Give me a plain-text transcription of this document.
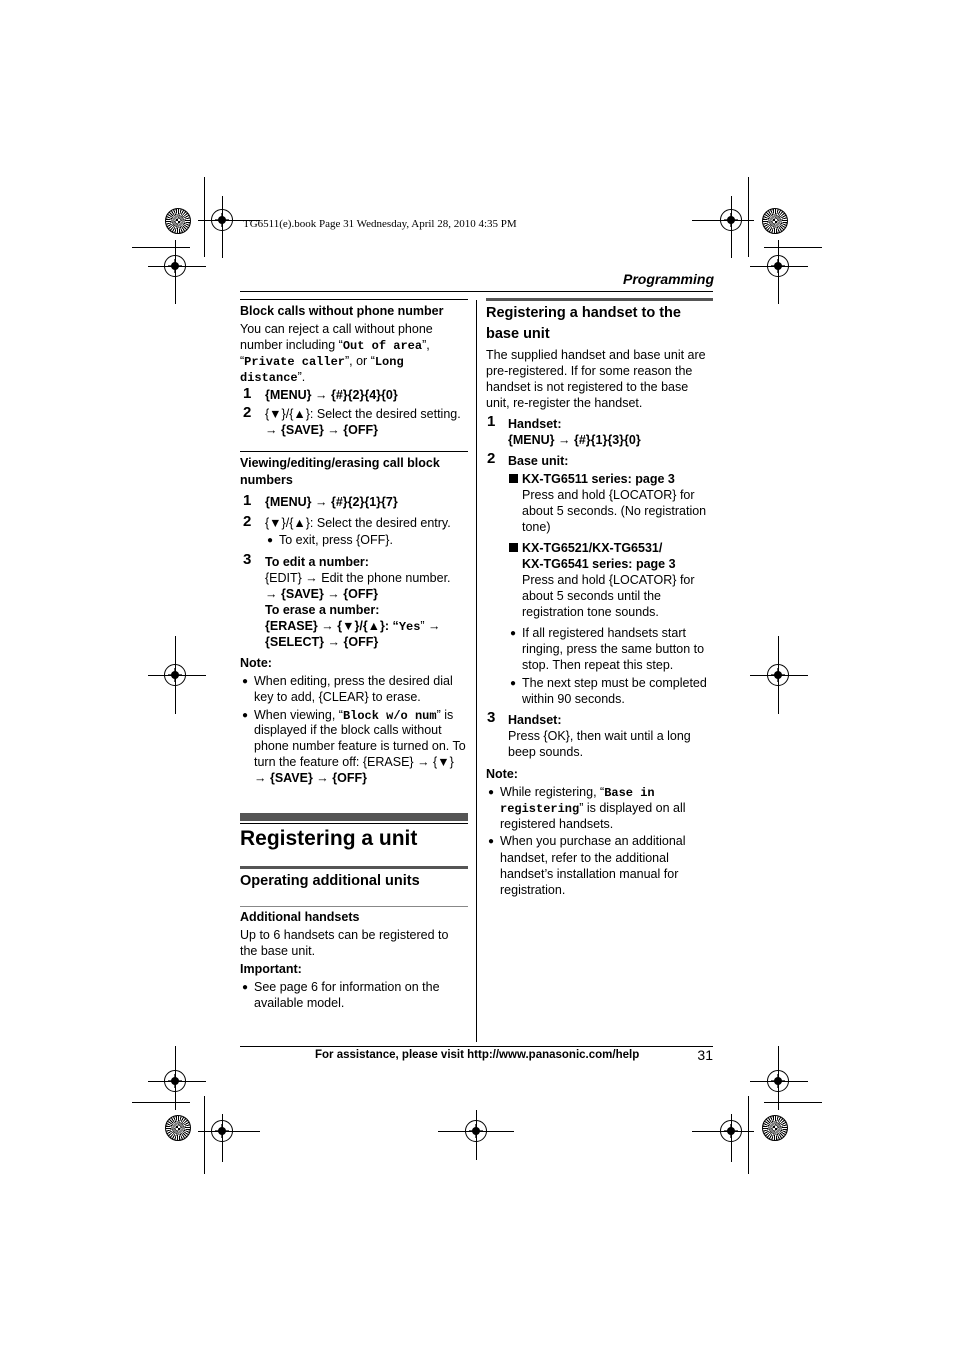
TG6511(e).book Page 31 Wednesday, April 28, 2010 4:35 PM
Programming
Block calls without phone number
You can reject a call without phone
number including “Out of area”,
“Private caller”, or “Long
distance”.
1 {MENU} → {#}{2}{4}{0}
2 {▼}/{▲}: Select the desired setting.
→ {SAVE} → {OFF}
Viewing/editing/erasing call block
numbers
1 {MENU} → {#}{2}{1}{7}
2 {▼}/{▲}: Select the desired entry.
● To exit, press {OFF}.
3 To edit a number:
{EDIT} → Edit the phone number.
→ {SAVE} → {OFF}
To erase a number:
{ERASE} → {▼}/{▲}: “Yes” →
{SELECT} → {OFF}
Note:
● When editing, press the desired dial
key to add, {CLEAR} to erase.
● When viewing, “Block w/o num” is
displayed if the block calls without
phone number feature is turned on. To
turn the feature off: {ERASE} → {▼}
→ {SAVE} → {OFF}
Registering a unit
Operating additional units
Additional handsets
Up to 6 handsets can be registered to
the base unit.
Important:
● See page 6 for information on the
available model.
Registering a handset to the
base unit
The supplied handset and base unit are
pre-registered. If for some reason the
handset is not registered to the base
unit, re-register the handset.
1 Handset:
{MENU} → {#}{1}{3}{0}
2 Base unit:
KX-TG6511 series: page 3
Press and hold {LOCATOR} for
about 5 seconds. (No registration
tone)
KX-TG6521/KX-TG6531/
KX-TG6541 series: page 3
Press and hold {LOCATOR} for
about 5 seconds until the
registration tone sounds.
● If all registered handsets start
ringing, press the same button to
stop. Then repeat this step.
● The next step must be completed
within 90 seconds.
3 Handset:
Press {OK}, then wait until a long
beep sounds.
Note:
● While registering, “Base in
registering” is displayed on all
registered handsets.
● When you purchase an additional
handset, refer to the additional
handset’s installation manual for
registration.
For assistance, please visit http://www.panasonic.com/help	31
